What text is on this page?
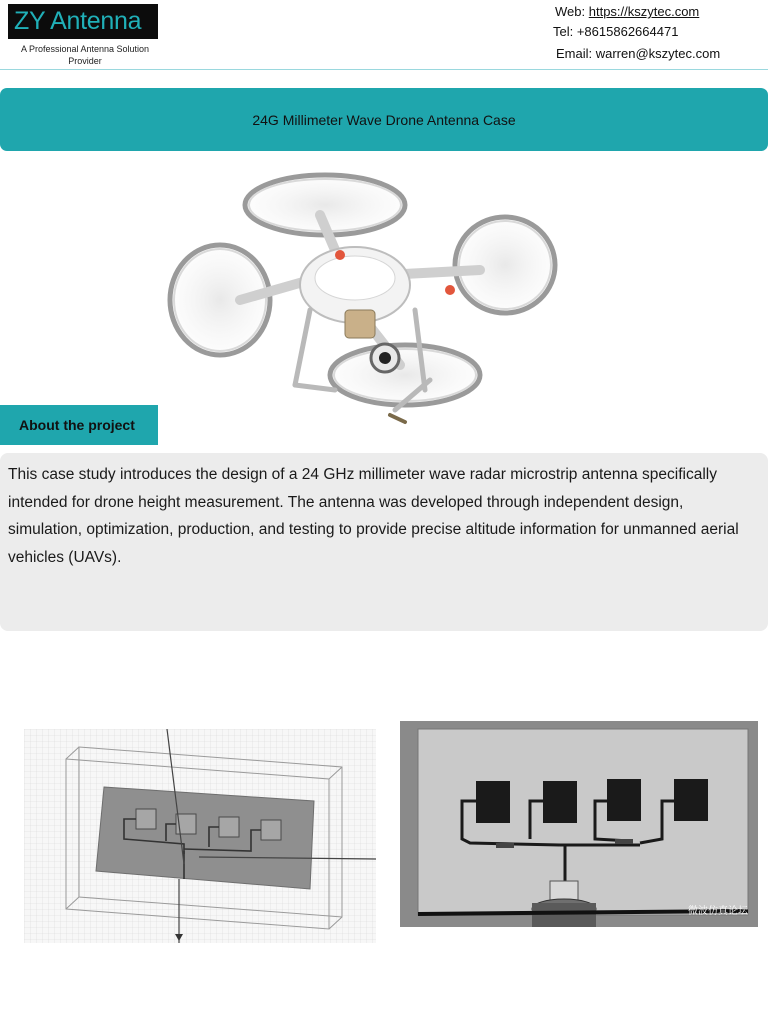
ZY Antenna
A Professional Antenna Solution Provider
Web: https://kszytec.com
Tel: +8615862664471
Email: warren@kszytec.com
24G Millimeter Wave Drone Antenna Case
About the project

This case study introduces the design of a 24 GHz millimeter wave radar microstrip antenna specifically intended for drone height measurement. The antenna was developed through independent design, simulation, optimization, production, and testing to provide precise altitude information for unmanned aerial vehicles (UAVs).

微波仿真论坛
